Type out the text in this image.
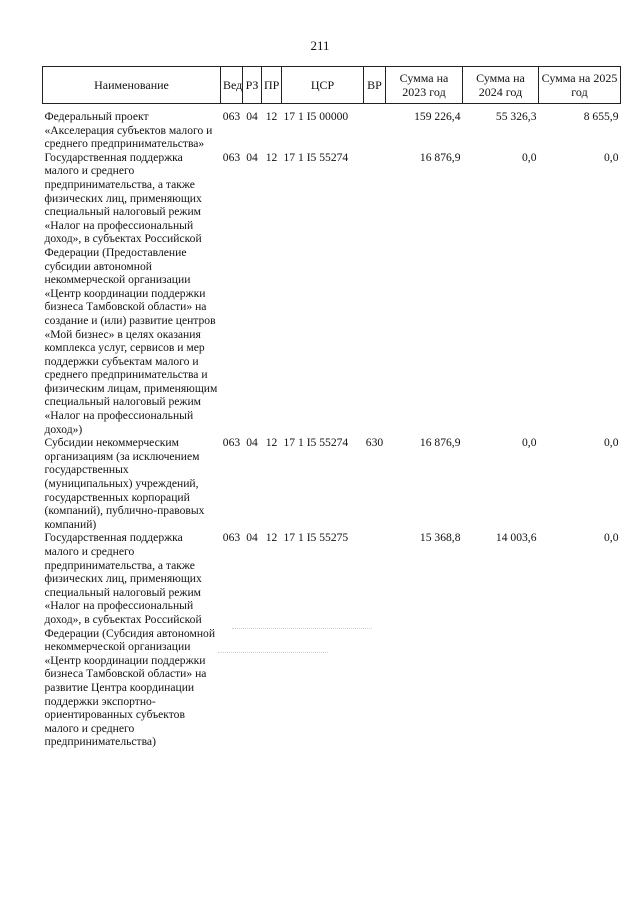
211
Наименование	Вед	РЗ	ПР	ЦСР	ВР	Сумма на 2023 год	Сумма на 2024 год	Сумма на 2025 год

Федеральный проект «Акселерация субъектов малого и среднего предпринимательства»	063	04	12	17 1 I5 00000		159 226,4	55 326,3	8 655,9
Государственная поддержка малого и среднего предпринимательства, а также физических лиц, применяющих специальный налоговый режим «Налог на профессиональный доход», в субъектах Российской Федерации (Предоставление субсидии автономной некоммерческой организации «Центр координации поддержки бизнеса Тамбовской области» на создание и (или) развитие центров «Мой бизнес» в целях оказания комплекса услуг, сервисов и мер поддержки субъектам малого и среднего предпринимательства и физическим лицам, применяющим специальный налоговый режим «Налог на профессиональный доход»)	063	04	12	17 1 I5 55274		16 876,9	0,0	0,0
Субсидии некоммерческим организациям (за исключением государственных (муниципальных) учреждений, государственных корпораций (компаний), публично-правовых компаний)	063	04	12	17 1 I5 55274	630	16 876,9	0,0	0,0
Государственная поддержка малого и среднего предпринимательства, а также физических лиц, применяющих специальный налоговый режим «Налог на профессиональный доход», в субъектах Российской Федерации (Субсидия автономной некоммерческой организации «Центр координации поддержки бизнеса Тамбовской области» на развитие Центра координации поддержки экспортно-ориентированных субъектов малого и среднего предпринимательства)	063	04	12	17 1 I5 55275		15 368,8	14 003,6	0,0
